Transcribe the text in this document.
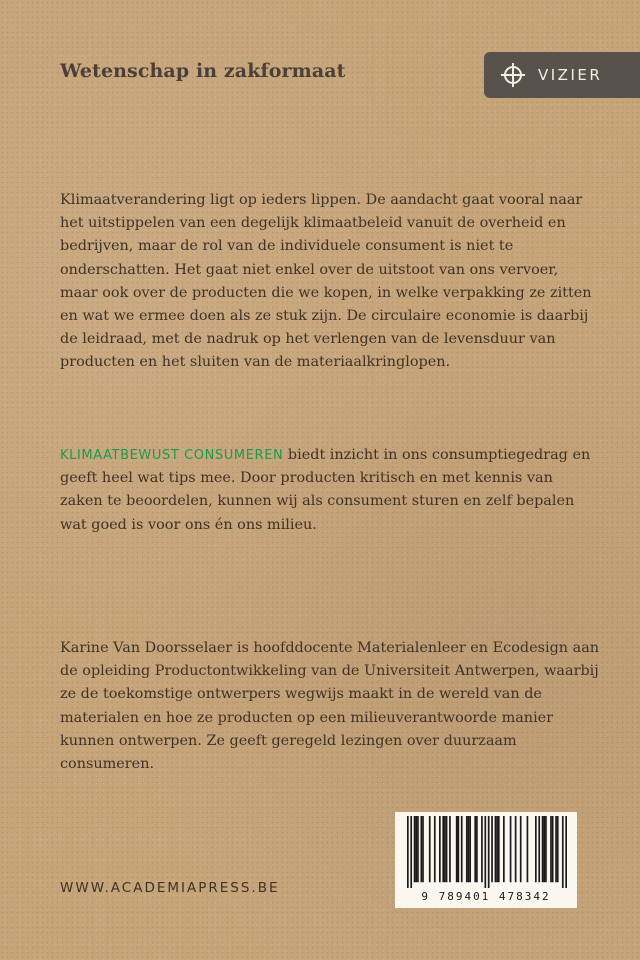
Wetenschap in zakformaat	VIZIER

Klimaatverandering ligt op ieders lippen. De aandacht gaat vooral naar het uitstippelen van een degelijk klimaatbeleid vanuit de overheid en bedrijven, maar de rol van de individuele consument is niet te onderschatten. Het gaat niet enkel over de uitstoot van ons vervoer, maar ook over de producten die we kopen, in welke verpakking ze zitten en wat we ermee doen als ze stuk zijn. De circulaire economie is daarbij de leidraad, met de nadruk op het verlengen van de levensduur van producten en het sluiten van de materiaalkringlopen.

KLIMAATBEWUST CONSUMEREN biedt inzicht in ons consumptiegedrag en geeft heel wat tips mee. Door producten kritisch en met kennis van zaken te beoordelen, kunnen wij als consument sturen en zelf bepalen wat goed is voor ons én ons milieu.

Karine Van Doorsselaer is hoofddocente Materialenleer en Ecodesign aan de opleiding Productontwikkeling van de Universiteit Antwerpen, waarbij ze de toekomstige ontwerpers wegwijs maakt in de wereld van de materialen en hoe ze producten op een milieuverantwoorde manier kunnen ontwerpen. Ze geeft geregeld lezingen over duurzaam consumeren.

WWW.ACADEMIAPRESS.BE

9 789401 478342
